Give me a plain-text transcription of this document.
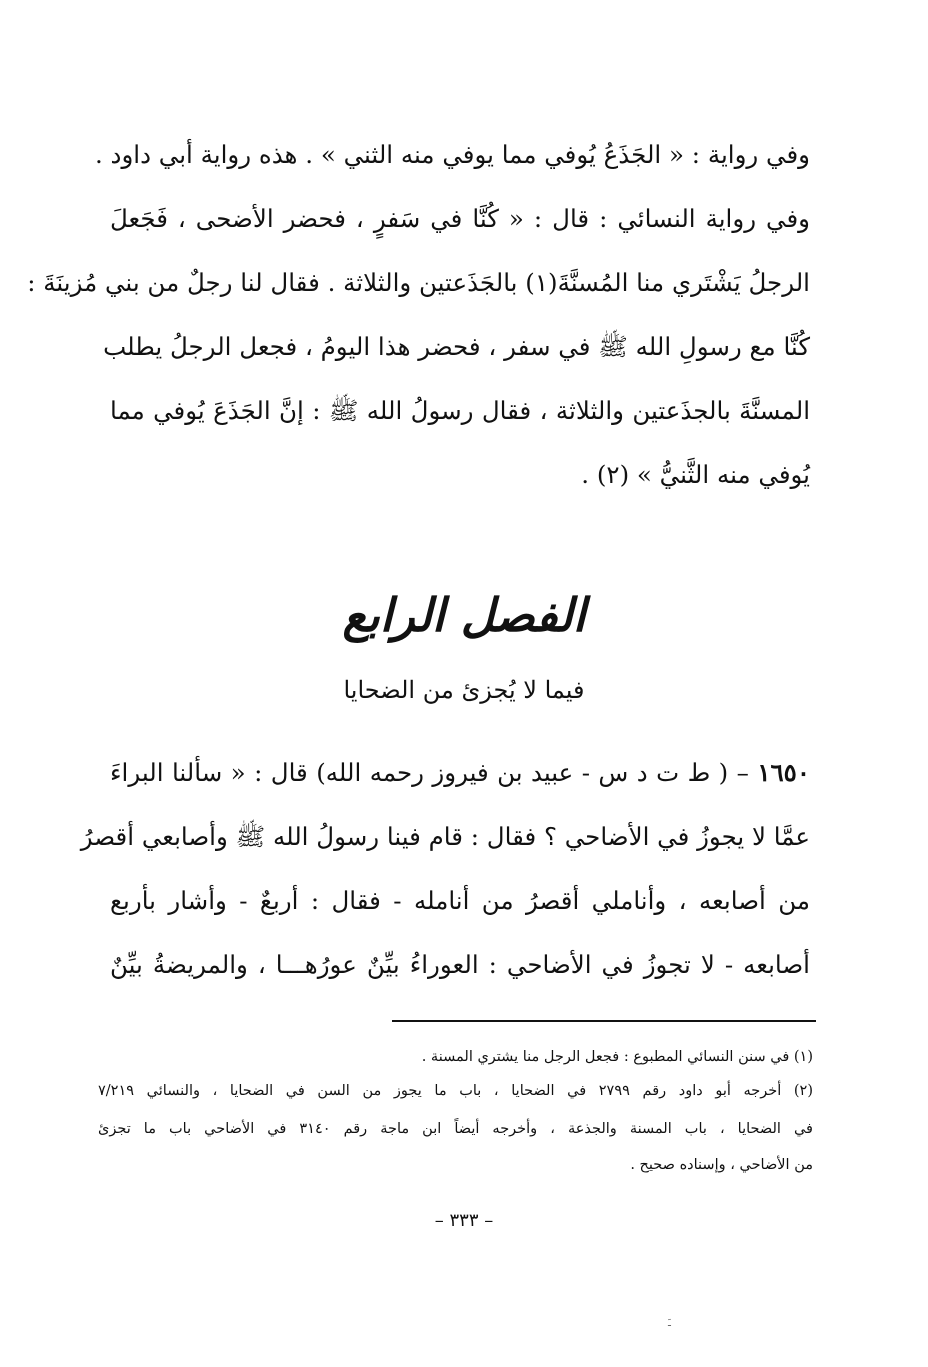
وفي رواية : « الجَذَعُ يُوفي مما يوفي منه الثني » . هذه رواية أبي داود .
وفي رواية النسائي : قال : « كُنَّا في سَفرٍ ، فحضر الأضحى ، فَجَعلَ
الرجلُ يَشْتَري منا المُسنَّةَ(١) بالجَذَعتين والثلاثة . فقال لنا رجلٌ من بني مُزينَةَ :
كُنَّا مع رسولِ الله ﷺ في سفر ، فحضر هذا اليومُ ، فجعل الرجلُ يطلب
المسنَّةَ بالجذَعتين والثلاثة ، فقال رسولُ الله ﷺ : إنَّ الجَذَعَ يُوفي مما
يُوفي منه الثَّنيُّ » (٢) .
الفصل الرابع
فيما لا يُجزئ من الضحايا
١٦٥٠ – ( ط ت د س - عبيد بن فيروز رحمه الله) قال : « سألنا البراءَ
عمَّا لا يجوزُ في الأضاحي ؟ فقال : قام فينا رسولُ الله ﷺ وأصابعي أقصرُ
من أصابعه ، وأناملي أقصرُ من أنامله - فقال : أربعٌ - وأشار بأربع
أصابعه - لا تجوزُ في الأضاحي : العوراءُ بيِّنٌ عورُهـــا ، والمريضةُ بيِّنٌ
(١) في سنن النسائي المطبوع : فجعل الرجل منا يشتري المسنة .
(٢) أخرجه أبو داود رقم ٢٧٩٩ في الضحايا ، باب ما يجوز من السن في الضحايا ، والنسائي ٧/٢١٩
في الضحايا ، باب المسنة والجذعة ، وأخرجه أيضاً ابن ماجة رقم ٣١٤٠ في الأضاحي باب ما تجزئ
من الأضاحي ، وإسناده صحيح .
– ٣٣٣ –
ـَ
